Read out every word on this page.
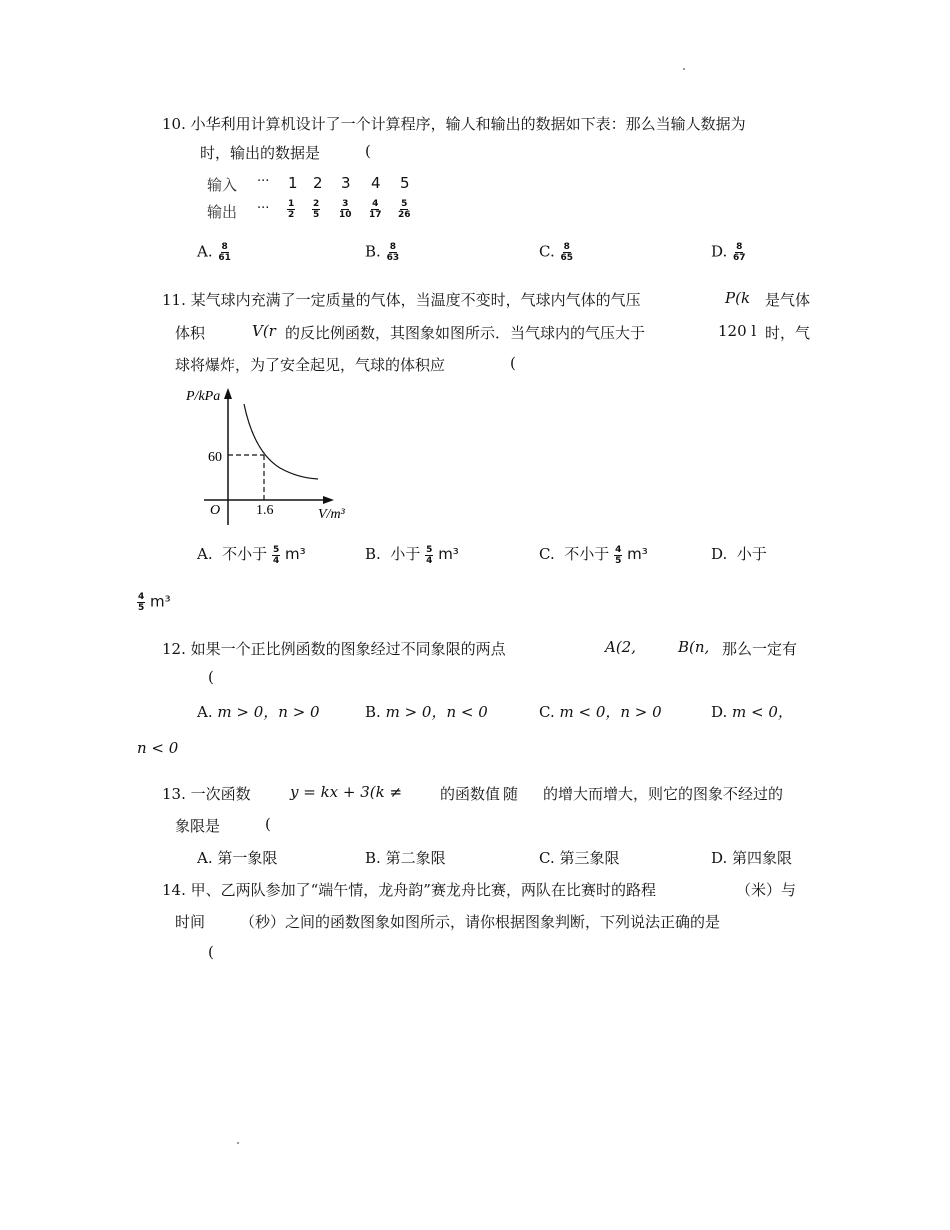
10. 小华利用计算机设计了一个计算程序，输人和输出的数据如下表：那么当输人数据为
时，输出的数据是	(
输入 ··· 1 2 3 4 5
输出 ··· $\frac{1}{2} \frac{2}{5} \frac{3}{10} \frac{4}{17} \frac{5}{26}$
A. $\frac{8}{61}$	B. $\frac{8}{63}$	C. $\frac{8}{65}$	D. $\frac{8}{67}$
11. 某气球内充满了一定质量的气体，当温度不变时，气球内气体的气压	P(k 是气体
体积	V(r 的反比例函数，其图象如图所示．当气球内的气压大于	120 l 时，气
球将爆炸，为了安全起见，气球的体积应	(
P/kPa
60
O	1.6	V/m³
A. 不小于 $\frac{5}{4} m^3$	B. 小于 $\frac{5}{4} m^3$	C. 不小于 $\frac{4}{5} m^3$	D. 小于
$\frac{4}{5} m^3$
12. 如果一个正比例函数的图象经过不同象限的两点	A(2,	B(n, 那么一定有
(
A. m > 0，n > 0	B. m > 0，n < 0	C. m < 0，n > 0	D. m < 0，
n < 0
13. 一次函数	y = kx + 3(k ≠	的函数值 随 的增大而增大，则它的图象不经过的
象限是	(
A. 第一象限	B. 第二象限	C. 第三象限	D. 第四象限
14. 甲、乙两队参加了“端午情，龙舟韵”赛龙舟比赛，两队在比赛时的路程	（米）与
时间 （秒）之间的函数图象如图所示，请你根据图象判断，下列说法正确的是
(
